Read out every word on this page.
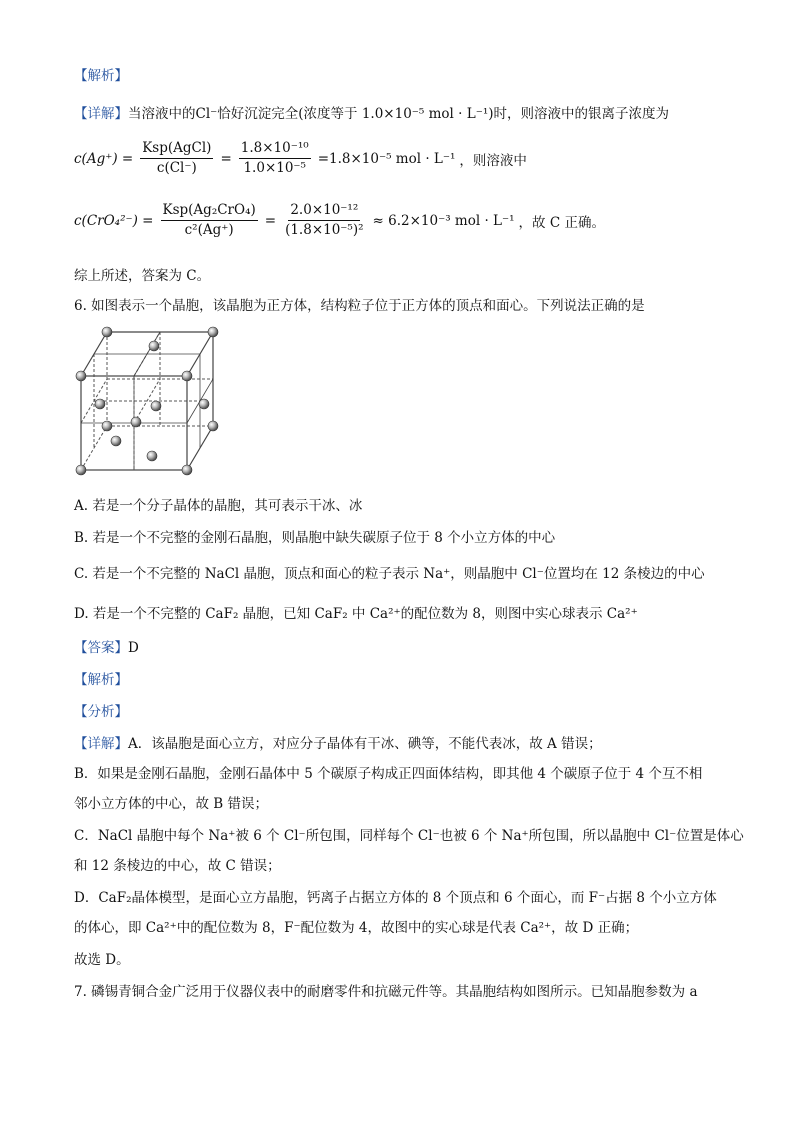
【解析】
【详解】当溶液中的Cl⁻恰好沉淀完全(浓度等于 1.0×10⁻⁵ mol · L⁻¹)时，则溶液中的银离子浓度为
$c(Ag^+) = \frac{\text{Ksp(AgCl)}}{c(Cl^-)} = \frac{\text{1.8×10⁻¹⁰}}{\text{1.0×10⁻⁵}} =1.8\times 10^{-5}$ mol · L⁻¹ ，则溶液中
$c(CrO_4^{2-}) = \frac{\text{Ksp(Ag₂CrO₄)}}{\text{c²(Ag⁺)}} = \frac{\text{2.0×10⁻¹²}}{\text{(1.8×10⁻⁵)²}} \approx 6.2\times 10^{-3}$ mol · L⁻¹ ，故 C 正确。
综上所述，答案为 C。
6. 如图表示一个晶胞，该晶胞为正方体，结构粒子位于正方体的顶点和面心。下列说法正确的是
A. 若是一个分子晶体的晶胞，其可表示干冰、冰
B. 若是一个不完整的金刚石晶胞，则晶胞中缺失碳原子位于 8 个小立方体的中心
C. 若是一个不完整的 NaCl 晶胞，顶点和面心的粒子表示 Na⁺，则晶胞中 Cl⁻位置均在 12 条棱边的中心
D. 若是一个不完整的 CaF₂ 晶胞，已知 CaF₂ 中 Ca²⁺的配位数为 8，则图中实心球表示 Ca²⁺
【答案】D
【解析】
【分析】
【详解】A．该晶胞是面心立方，对应分子晶体有干冰、碘等，不能代表冰，故 A 错误；
B．如果是金刚石晶胞，金刚石晶体中 5 个碳原子构成正四面体结构，即其他 4 个碳原子位于 4 个互不相
邻小立方体的中心，故 B 错误；
C．NaCl 晶胞中每个 Na⁺被 6 个 Cl⁻所包围，同样每个 Cl⁻也被 6 个 Na⁺所包围，所以晶胞中 Cl⁻位置是体心
和 12 条棱边的中心，故 C 错误；
D．CaF₂晶体模型，是面心立方晶胞，钙离子占据立方体的 8 个顶点和 6 个面心，而 F⁻占据 8 个小立方体
的体心，即 Ca²⁺中的配位数为 8，F⁻配位数为 4，故图中的实心球是代表 Ca²⁺，故 D 正确；
故选 D。
7. 磷锡青铜合金广泛用于仪器仪表中的耐磨零件和抗磁元件等。其晶胞结构如图所示。已知晶胞参数为 a
